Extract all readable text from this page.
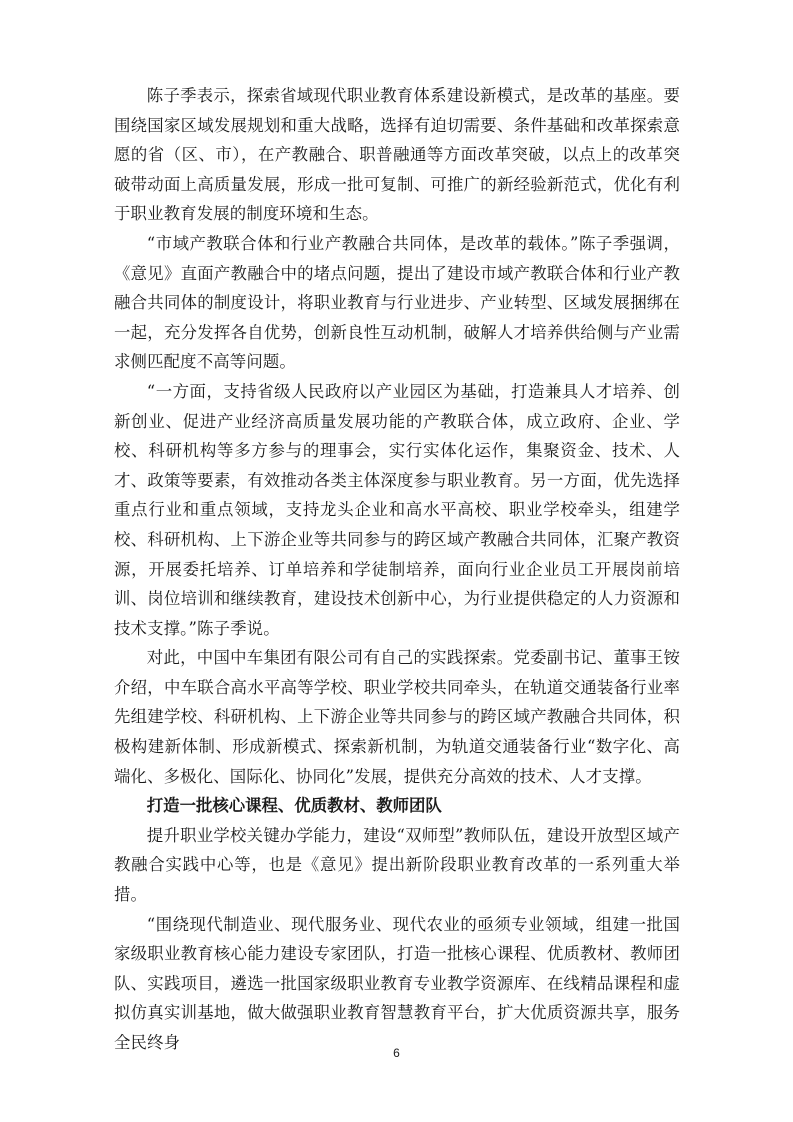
陈子季表示，探索省域现代职业教育体系建设新模式，是改革的基座。要围绕国家区域发展规划和重大战略，选择有迫切需要、条件基础和改革探索意愿的省（区、市），在产教融合、职普融通等方面改革突破，以点上的改革突破带动面上高质量发展，形成一批可复制、可推广的新经验新范式，优化有利于职业教育发展的制度环境和生态。

“市域产教联合体和行业产教融合共同体，是改革的载体。”陈子季强调，《意见》直面产教融合中的堵点问题，提出了建设市域产教联合体和行业产教融合共同体的制度设计，将职业教育与行业进步、产业转型、区域发展捆绑在一起，充分发挥各自优势，创新良性互动机制，破解人才培养供给侧与产业需求侧匹配度不高等问题。

“一方面，支持省级人民政府以产业园区为基础，打造兼具人才培养、创新创业、促进产业经济高质量发展功能的产教联合体，成立政府、企业、学校、科研机构等多方参与的理事会，实行实体化运作，集聚资金、技术、人才、政策等要素，有效推动各类主体深度参与职业教育。另一方面，优先选择重点行业和重点领域，支持龙头企业和高水平高校、职业学校牵头，组建学校、科研机构、上下游企业等共同参与的跨区域产教融合共同体，汇聚产教资源，开展委托培养、订单培养和学徒制培养，面向行业企业员工开展岗前培训、岗位培训和继续教育，建设技术创新中心，为行业提供稳定的人力资源和技术支撑。”陈子季说。

对此，中国中车集团有限公司有自己的实践探索。党委副书记、董事王铵介绍，中车联合高水平高等学校、职业学校共同牵头，在轨道交通装备行业率先组建学校、科研机构、上下游企业等共同参与的跨区域产教融合共同体，积极构建新体制、形成新模式、探索新机制，为轨道交通装备行业“数字化、高端化、多极化、国际化、协同化”发展，提供充分高效的技术、人才支撑。

打造一批核心课程、优质教材、教师团队

提升职业学校关键办学能力，建设“双师型”教师队伍，建设开放型区域产教融合实践中心等，也是《意见》提出新阶段职业教育改革的一系列重大举措。

“围绕现代制造业、现代服务业、现代农业的亟须专业领域，组建一批国家级职业教育核心能力建设专家团队，打造一批核心课程、优质教材、教师团队、实践项目，遴选一批国家级职业教育专业教学资源库、在线精品课程和虚拟仿真实训基地，做大做强职业教育智慧教育平台，扩大优质资源共享，服务全民终身

6
